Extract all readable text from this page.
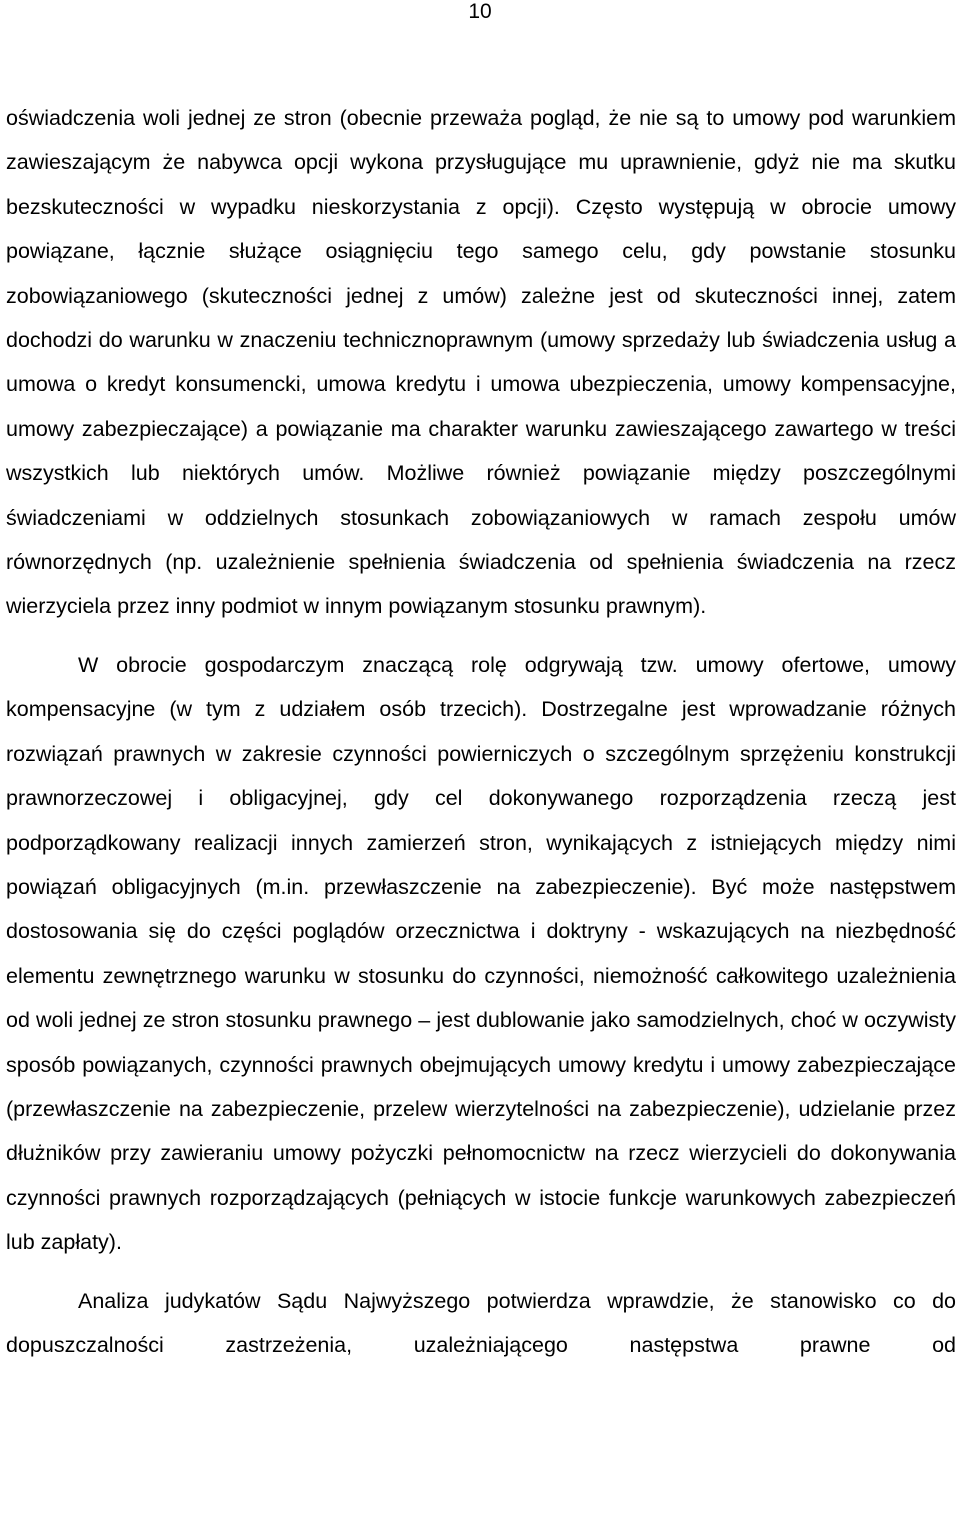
10

oświadczenia woli jednej ze stron (obecnie przeważa pogląd, że nie są to umowy pod warunkiem zawieszającym że nabywca opcji wykona przysługujące mu uprawnienie, gdyż nie ma skutku bezskuteczności w wypadku nieskorzystania z opcji). Często występują w obrocie umowy powiązane, łącznie służące osiągnięciu tego samego celu, gdy powstanie stosunku zobowiązaniowego (skuteczności jednej z umów) zależne jest od skuteczności innej, zatem dochodzi do warunku w znaczeniu technicznoprawnym (umowy sprzedaży lub świadczenia usług a umowa o kredyt konsumencki, umowa kredytu i umowa ubezpieczenia, umowy kompensacyjne, umowy zabezpieczające) a powiązanie ma charakter warunku zawieszającego zawartego w treści wszystkich lub niektórych umów. Możliwe również powiązanie między poszczególnymi świadczeniami w oddzielnych stosunkach zobowiązaniowych w ramach zespołu umów równorzędnych (np. uzależnienie spełnienia świadczenia od spełnienia świadczenia na rzecz wierzyciela przez inny podmiot w innym powiązanym stosunku prawnym).

W obrocie gospodarczym znaczącą rolę odgrywają tzw. umowy ofertowe, umowy kompensacyjne (w tym z udziałem osób trzecich). Dostrzegalne jest wprowadzanie różnych rozwiązań prawnych w zakresie czynności powierniczych o szczególnym sprzężeniu konstrukcji prawnorzeczowej i obligacyjnej, gdy cel dokonywanego rozporządzenia rzeczą jest podporządkowany realizacji innych zamierzeń stron, wynikających z istniejących między nimi powiązań obligacyjnych (m.in. przewłaszczenie na zabezpieczenie). Być może następstwem dostosowania się do części poglądów orzecznictwa i doktryny - wskazujących na niezbędność elementu zewnętrznego warunku w stosunku do czynności, niemożność całkowitego uzależnienia od woli jednej ze stron stosunku prawnego – jest dublowanie jako samodzielnych, choć w oczywisty sposób powiązanych, czynności prawnych obejmujących umowy kredytu i umowy zabezpieczające (przewłaszczenie na zabezpieczenie, przelew wierzytelności na zabezpieczenie), udzielanie przez dłużników przy zawieraniu umowy pożyczki pełnomocnictw na rzecz wierzycieli do dokonywania czynności prawnych rozporządzających (pełniących w istocie funkcje warunkowych zabezpieczeń lub zapłaty).

Analiza judykatów Sądu Najwyższego potwierdza wprawdzie, że stanowisko co do dopuszczalności zastrzeżenia, uzależniającego następstwa prawne od
